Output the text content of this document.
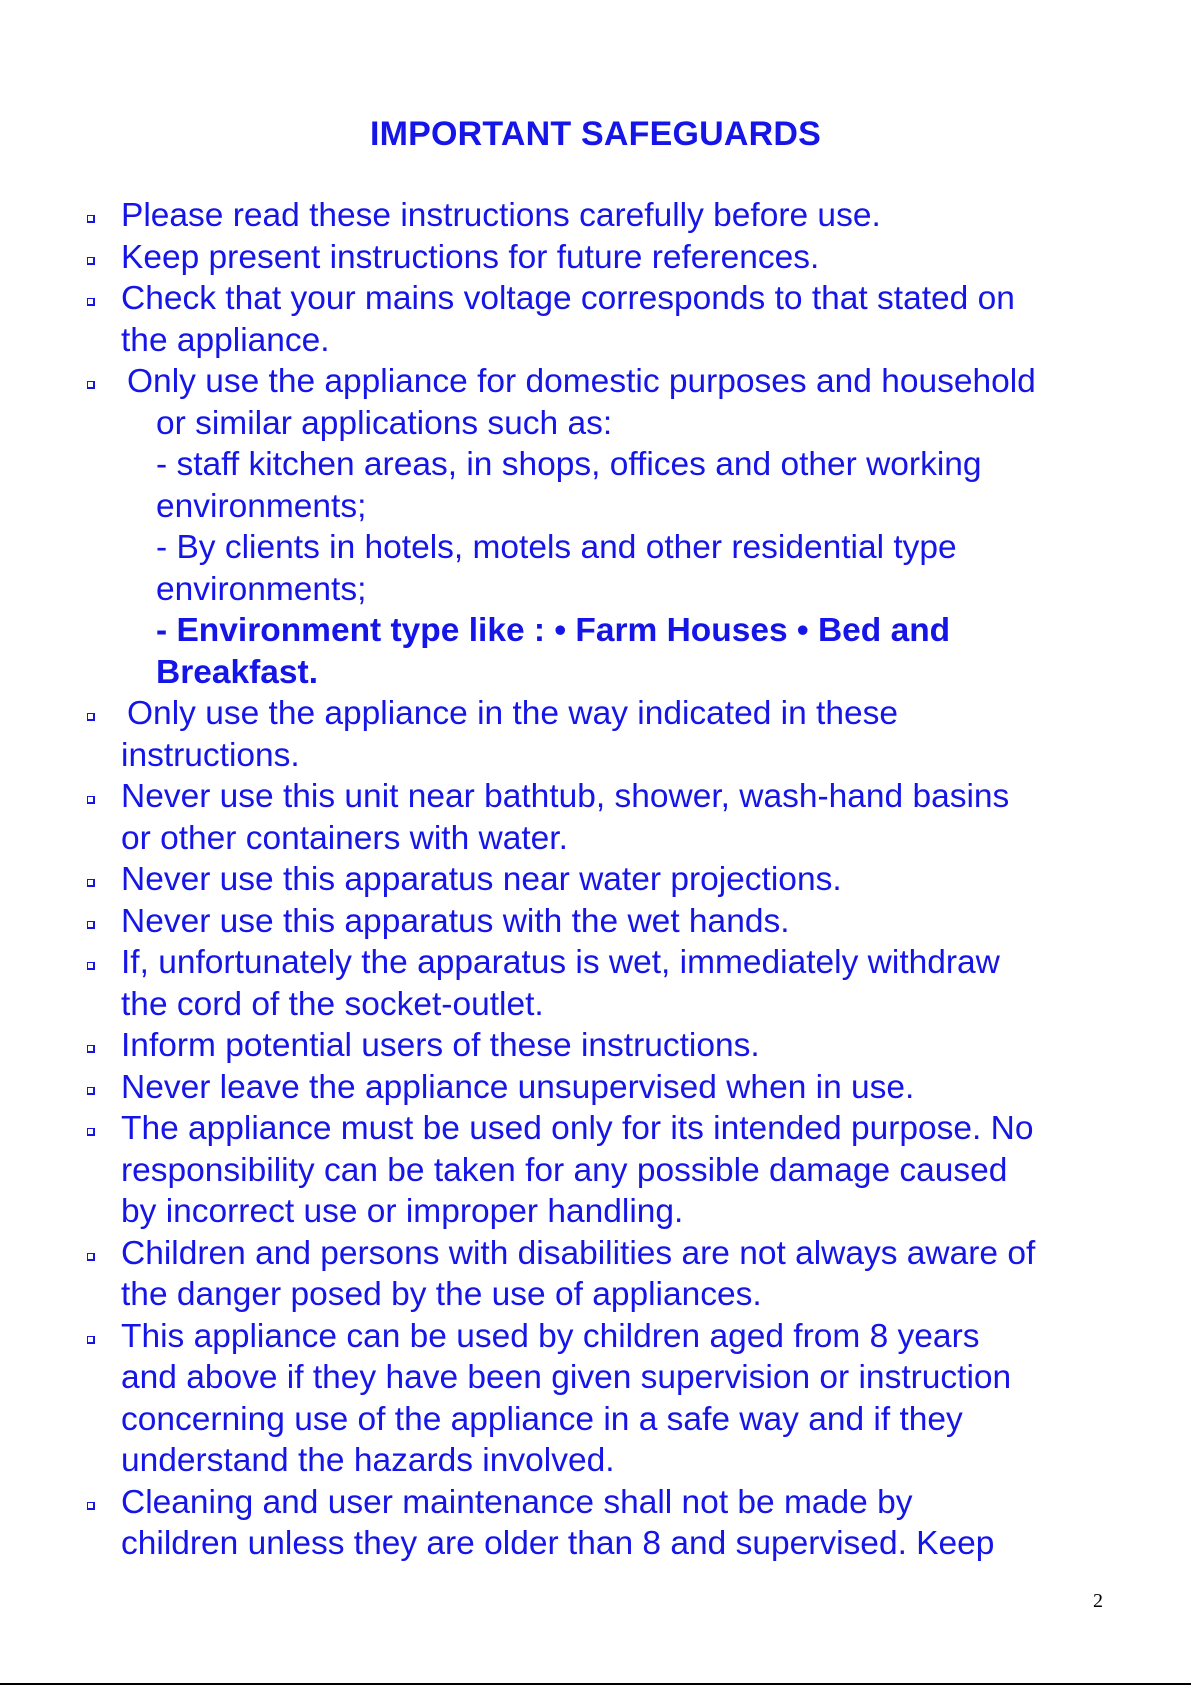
IMPORTANT SAFEGUARDS
Please read these instructions carefully before use.
Keep present instructions for future references.
Check that your mains voltage corresponds to that stated on
the appliance.
Only use the appliance for domestic purposes and household
or similar applications such as:
- staff kitchen areas, in shops, offices and other working
environments;
- By clients in hotels, motels and other residential type
environments;
- Environment type like : • Farm Houses • Bed and
Breakfast.
Only use the appliance in the way indicated in these
instructions.
Never use this unit near bathtub, shower, wash-hand basins
or other containers with water.
Never use this apparatus near water projections.
Never use this apparatus with the wet hands.
If, unfortunately the apparatus is wet, immediately withdraw
the cord of the socket-outlet.
Inform potential users of these instructions.
Never leave the appliance unsupervised when in use.
The appliance must be used only for its intended purpose. No
responsibility can be taken for any possible damage caused
by incorrect use or improper handling.
Children and persons with disabilities are not always aware of
the danger posed by the use of appliances.
This appliance can be used by children aged from 8 years
and above if they have been given supervision or instruction
concerning use of the appliance in a safe way and if they
understand the hazards involved.
Cleaning and user maintenance shall not be made by
children unless they are older than 8 and supervised. Keep
2
